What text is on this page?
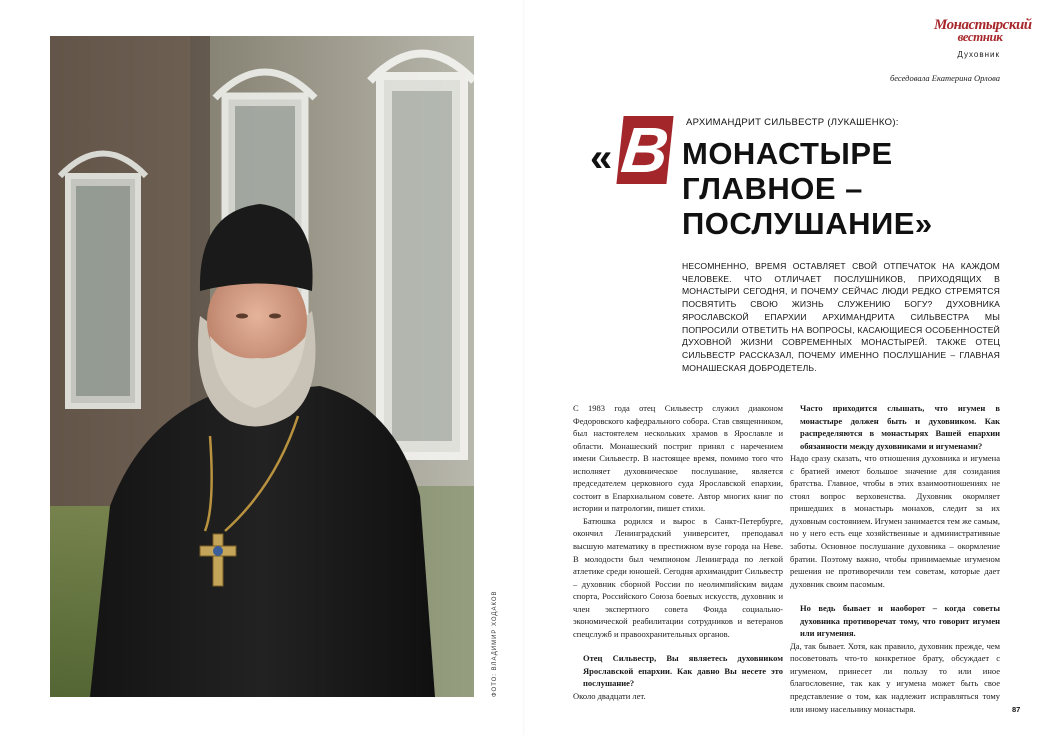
ФОТО: ВЛАДИМИР ХОДАКОВ
Монастырский
вестник
Духовник
беседовала Екатерина Орлова
« В АРХИМАНДРИТ СИЛЬВЕСТР (ЛУКАШЕНКО):
МОНАСТЫРЕ
ГЛАВНОЕ –
ПОСЛУШАНИЕ»
НЕСОМНЕННО, ВРЕМЯ ОСТАВЛЯЕТ СВОЙ ОТПЕЧАТОК НА КАЖДОМ ЧЕЛОВЕКЕ. ЧТО ОТЛИЧАЕТ ПОСЛУШНИКОВ, ПРИХОДЯЩИХ В МОНАСТЫРИ СЕГОДНЯ, И ПОЧЕМУ СЕЙЧАС ЛЮДИ РЕДКО СТРЕМЯТСЯ ПОСВЯТИТЬ СВОЮ ЖИЗНЬ СЛУЖЕНИЮ БОГУ? ДУХОВНИКА ЯРОСЛАВСКОЙ ЕПАРХИИ АРХИМАНДРИТА СИЛЬВЕСТРА МЫ ПОПРОСИЛИ ОТВЕТИТЬ НА ВОПРОСЫ, КАСАЮЩИЕСЯ ОСОБЕННОСТЕЙ ДУХОВНОЙ ЖИЗНИ СОВРЕМЕННЫХ МОНАСТЫРЕЙ. ТАКЖЕ ОТЕЦ СИЛЬВЕСТР РАССКАЗАЛ, ПОЧЕМУ ИМЕННО ПОСЛУШАНИЕ – ГЛАВНАЯ МОНАШЕСКАЯ ДОБРОДЕТЕЛЬ.

С 1983 года отец Сильвестр служил диаконом Федоровского кафедрального собора. Став священником, был настоятелем нескольких храмов в Ярославле и области. Монашеский постриг принял с наречением имени Сильвестр. В настоящее время, помимо того что исполняет духовническое послушание, является председателем церковного суда Ярославской епархии, состоит в Епархиальном совете. Автор многих книг по истории и патрологии, пишет стихи.

Батюшка родился и вырос в Санкт-Петербурге, окончил Ленинградский университет, преподавал высшую математику в престижном вузе города на Неве. В молодости был чемпионом Ленинграда по легкой атлетике среди юношей. Сегодня архимандрит Сильвестр – духовник сборной России по неолимпийским видам спорта, Российского Союза боевых искусств, духовник и член экспертного совета Фонда социально-экономической реабилитации сотрудников и ветеранов спецслужб и правоохранительных органов.

Отец Сильвестр, Вы являетесь духовником Ярославской епархии. Как давно Вы несете это послушание?

Около двадцати лет.

Часто приходится слышать, что игумен в монастыре должен быть и духовником. Как распределяются в монастырях Вашей епархии обязанности между духовниками и игуменами?

Надо сразу сказать, что отношения духовника и игумена с братией имеют большое значение для созидания братства. Главное, чтобы в этих взаимоотношениях не стоял вопрос верховенства. Духовник окормляет пришедших в монастырь монахов, следит за их духовным состоянием. Игумен занимается тем же самым, но у него есть еще хозяйственные и административные заботы. Основное послушание духовника – окормление братии. Поэтому важно, чтобы принимаемые игуменом решения не противоречили тем советам, которые дает духовник своим пасомым.

Но ведь бывает и наоборот – когда советы духовника противоречат тому, что говорит игумен или игумения.

Да, так бывает. Хотя, как правило, духовник прежде, чем посоветовать что-то конкретное брату, обсуждает с игуменом, принесет ли пользу то или иное благословение, так как у игумена может быть свое представление о том, как надлежит исправляться тому или иному насельнику монастыря.	87
